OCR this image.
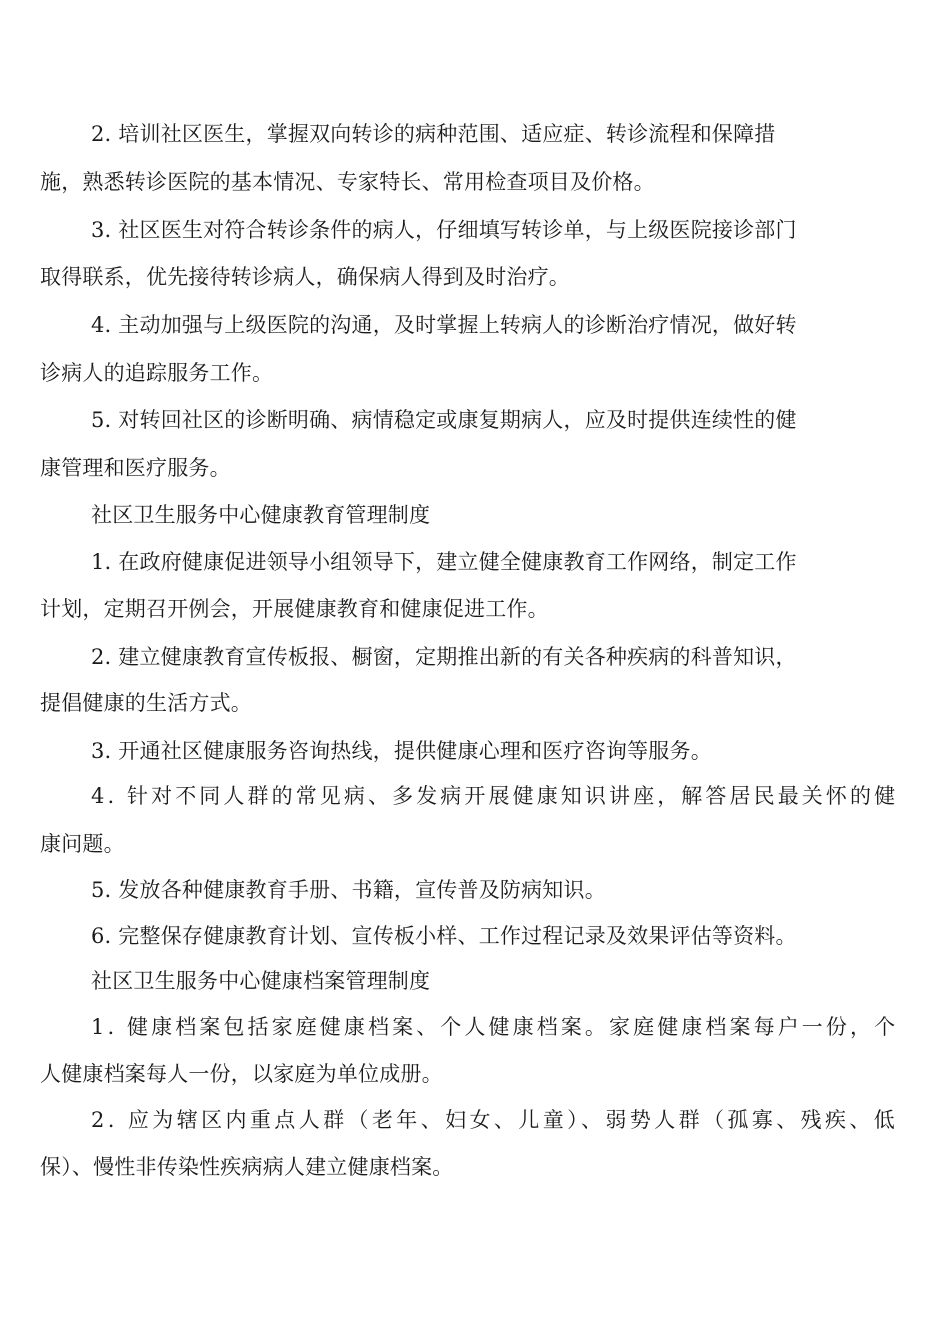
2. 培训社区医生，掌握双向转诊的病种范围、适应症、转诊流程和保障措
施，熟悉转诊医院的基本情况、专家特长、常用检查项目及价格。
3. 社区医生对符合转诊条件的病人，仔细填写转诊单，与上级医院接诊部门
取得联系，优先接待转诊病人，确保病人得到及时治疗。
4. 主动加强与上级医院的沟通，及时掌握上转病人的诊断治疗情况，做好转
诊病人的追踪服务工作。
5. 对转回社区的诊断明确、病情稳定或康复期病人，应及时提供连续性的健
康管理和医疗服务。
社区卫生服务中心健康教育管理制度
1. 在政府健康促进领导小组领导下，建立健全健康教育工作网络，制定工作
计划，定期召开例会，开展健康教育和健康促进工作。
2. 建立健康教育宣传板报、橱窗，定期推出新的有关各种疾病的科普知识，
提倡健康的生活方式。
3. 开通社区健康服务咨询热线，提供健康心理和医疗咨询等服务。
4. 针对不同人群的常见病、多发病开展健康知识讲座，解答居民最关怀的健
康问题。
5. 发放各种健康教育手册、书籍，宣传普及防病知识。
6. 完整保存健康教育计划、宣传板小样、工作过程记录及效果评估等资料。
社区卫生服务中心健康档案管理制度
1. 健康档案包括家庭健康档案、个人健康档案。家庭健康档案每户一份，个
人健康档案每人一份，以家庭为单位成册。
2. 应为辖区内重点人群（老年、妇女、儿童）、弱势人群（孤寡、残疾、低
保）、慢性非传染性疾病病人建立健康档案。
